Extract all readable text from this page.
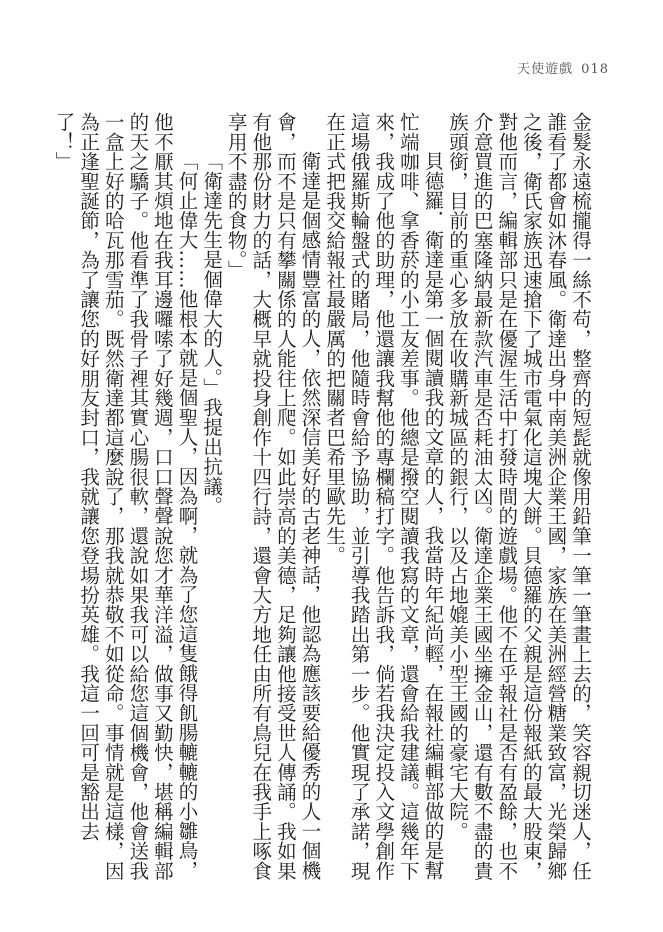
天使遊戲 018

金髮永遠梳攏得一絲不苟，整齊的短髭就像用鉛筆一筆一筆畫上去的，笑容親切迷人，任誰看了都會如沐春風。衛達出身中南美洲企業王國，家族在美洲經營糖業致富，光榮歸鄉之後，衛氏家族迅速搶下了城市電氣化這塊大餅。貝德羅的父親是這份報紙的最大股東，對他而言，編輯部只是在優渥生活中打發時間的遊戲場。他不在乎報社是否有盈餘，也不介意買進的巴塞隆納最新款汽車是否耗油太凶。衛達企業王國坐擁金山，還有數不盡的貴族頭銜，目前的重心多放在收購新城區的銀行，以及占地媲美小型王國的豪宅大院。

貝德羅．衛達是第一個閱讀我的文章的人，我當時年紀尚輕，在報社編輯部做的是幫忙端咖啡、拿香菸的小工友差事。他總是撥空閱讀我寫的文章，還會給我建議。這幾年下來，我成了他的助理，他還讓我幫他的專欄稿打字。他告訴我，倘若我決定投入文學創作這場俄羅斯輪盤式的賭局，他隨時會給予協助，並引導我踏出第一步。他實現了承諾，現在正式把我交給報社最嚴厲的把關者巴希里歐先生。

衛達是個感情豐富的人，依然深信美好的古老神話，他認為應該要給優秀的人一個機會，而不是只有攀關係的人能往上爬。如此崇高的美德，足夠讓他接受世人傳誦。我如果有他那份財力的話，大概早就投身創作十四行詩，還會大方地任由所有鳥兒在我手上啄食享用不盡的食物。」

「衛達先生是個偉大的人。」我提出抗議。

「何止偉大……他根本就是個聖人，因為啊，就為了您這隻餓得飢腸轆轆的小雛鳥，他不厭其煩地在我耳邊囉嗦了好幾週，口口聲聲說您才華洋溢，做事又勤快，堪稱編輯部的天之驕子。他看準了我骨子裡其實心腸很軟，還說如果我可以給您這個機會，他會送我一盒上好的哈瓦那雪茄。既然衛達都這麼說了，那我就恭敬不如從命。事情就是這樣，因為正逢聖誕節，為了讓您的好朋友封口，我就讓您登場扮英雄。我這一回可是豁出去了！」
